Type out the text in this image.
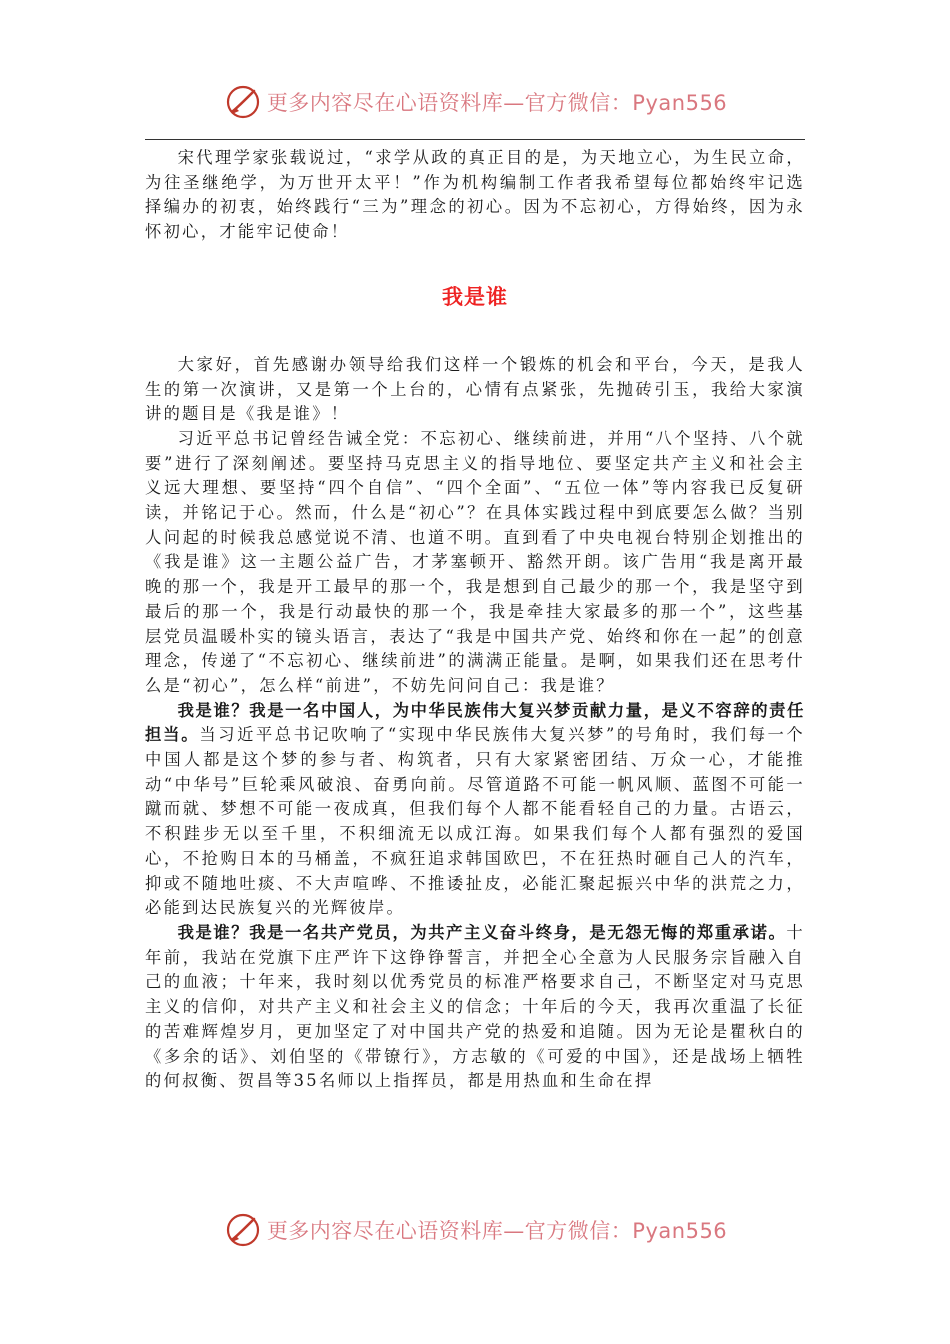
更多内容尽在心语资料库—官方微信：Pyan556

宋代理学家张载说过，“求学从政的真正目的是，为天地立心，为生民立命，为往圣继绝学，为万世开太平！”作为机构编制工作者我希望每位都始终牢记选择编办的初衷，始终践行“三为”理念的初心。因为不忘初心，方得始终，因为永怀初心，才能牢记使命！

我是谁

大家好，首先感谢办领导给我们这样一个锻炼的机会和平台，今天，是我人生的第一次演讲，又是第一个上台的，心情有点紧张，先抛砖引玉，我给大家演讲的题目是《我是谁》！

习近平总书记曾经告诫全党：不忘初心、继续前进，并用“八个坚持、八个就要”进行了深刻阐述。要坚持马克思主义的指导地位、要坚定共产主义和社会主义远大理想、要坚持“四个自信”、“四个全面”、“五位一体”等内容我已反复研读，并铭记于心。然而，什么是“初心”？在具体实践过程中到底要怎么做？当别人问起的时候我总感觉说不清、也道不明。直到看了中央电视台特别企划推出的《我是谁》这一主题公益广告，才茅塞顿开、豁然开朗。该广告用“我是离开最晚的那一个，我是开工最早的那一个，我是想到自己最少的那一个，我是坚守到最后的那一个，我是行动最快的那一个，我是牵挂大家最多的那一个”，这些基层党员温暖朴实的镜头语言，表达了“我是中国共产党、始终和你在一起”的创意理念，传递了“不忘初心、继续前进”的满满正能量。是啊，如果我们还在思考什么是“初心”，怎么样“前进”，不妨先问问自己：我是谁？

我是谁？我是一名中国人，为中华民族伟大复兴梦贡献力量，是义不容辞的责任担当。当习近平总书记吹响了“实现中华民族伟大复兴梦”的号角时，我们每一个中国人都是这个梦的参与者、构筑者，只有大家紧密团结、万众一心，才能推动“中华号”巨轮乘风破浪、奋勇向前。尽管道路不可能一帆风顺、蓝图不可能一蹴而就、梦想不可能一夜成真，但我们每个人都不能看轻自己的力量。古语云，不积跬步无以至千里，不积细流无以成江海。如果我们每个人都有强烈的爱国心，不抢购日本的马桶盖，不疯狂追求韩国欧巴，不在狂热时砸自己人的汽车，抑或不随地吐痰、不大声喧哗、不推诿扯皮，必能汇聚起振兴中华的洪荒之力，必能到达民族复兴的光辉彼岸。

我是谁？我是一名共产党员，为共产主义奋斗终身，是无怨无悔的郑重承诺。十年前，我站在党旗下庄严许下这铮铮誓言，并把全心全意为人民服务宗旨融入自己的血液；十年来，我时刻以优秀党员的标准严格要求自己，不断坚定对马克思主义的信仰，对共产主义和社会主义的信念；十年后的今天，我再次重温了长征的苦难辉煌岁月，更加坚定了对中国共产党的热爱和追随。因为无论是瞿秋白的《多余的话》、刘伯坚的《带镣行》，方志敏的《可爱的中国》，还是战场上牺牲的何叔衡、贺昌等35名师以上指挥员，都是用热血和生命在捍

更多内容尽在心语资料库—官方微信：Pyan556
